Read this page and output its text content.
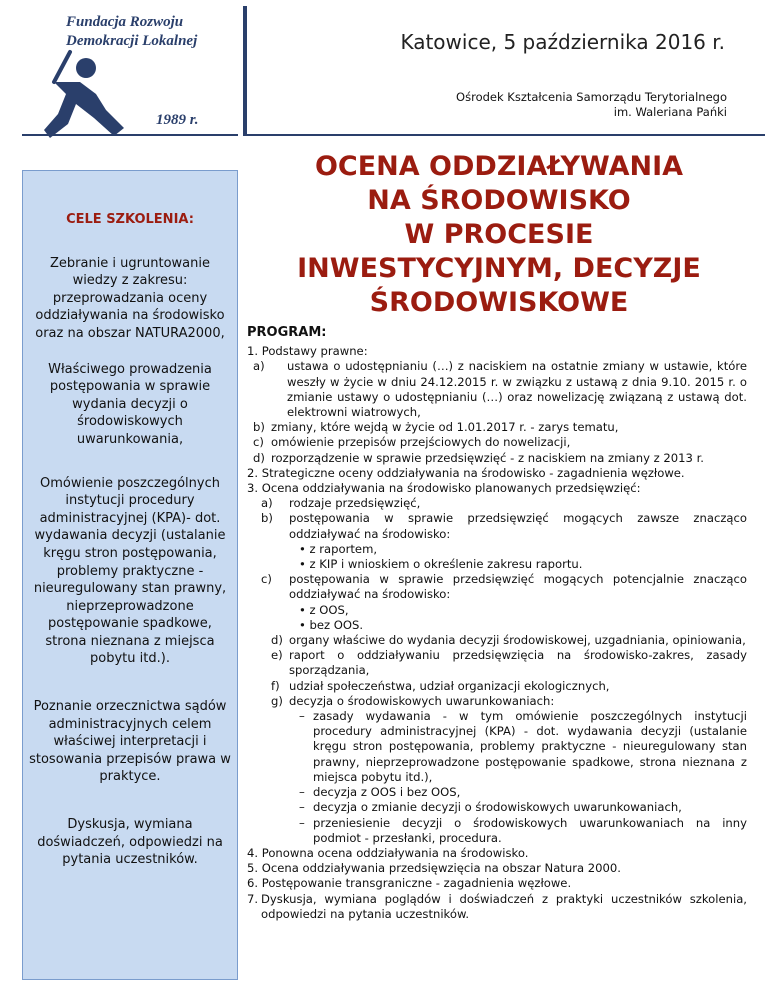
Fundacja Rozwoju
Demokracji Lokalnej
1989 r.
Katowice, 5 października 2016 r.
Ośrodek Kształcenia Samorządu Terytorialnego
im. Waleriana Pańki
OCENA ODDZIAŁYWANIA
NA ŚRODOWISKO
W PROCESIE
INWESTYCYJNYM, DECYZJE
ŚRODOWISKOWE
CELE SZKOLENIA:
Zebranie i ugruntowanie wiedzy z zakresu: przeprowadzania oceny oddziaływania na środowisko oraz na obszar NATURA2000,
Właściwego prowadzenia postępowania w sprawie wydania decyzji o środowiskowych uwarunkowania,
Omówienie poszczególnych instytucji procedury administracyjnej (KPA)- dot. wydawania decyzji (ustalanie kręgu stron postępowania, problemy praktyczne - nieuregulowany stan prawny, nieprzeprowadzone postępowanie spadkowe, strona nieznana z miejsca pobytu itd.).
Poznanie orzecznictwa sądów administracyjnych celem właściwej interpretacji i stosowania przepisów prawa w praktyce.
Dyskusja, wymiana doświadczeń, odpowiedzi na pytania uczestników.
PROGRAM:
1. Podstawy prawne:
a)	ustawa o udostępnianiu (…) z naciskiem na ostatnie zmiany w ustawie, które weszły w życie w dniu 24.12.2015 r. w związku z ustawą z dnia 9.10. 2015 r. o zmianie ustawy o udostępnianiu (…) oraz nowelizację związaną z ustawą dot. elektrowni wiatrowych,
b) zmiany, które wejdą w życie od 1.01.2017 r. - zarys tematu,
c) omówienie przepisów przejściowych do nowelizacji,
d) rozporządzenie w sprawie przedsięwzięć - z naciskiem na zmiany z 2013 r.
2. Strategiczne oceny oddziaływania na środowisko - zagadnienia węzłowe.
3. Ocena oddziaływania na środowisko planowanych przedsięwzięć:
a)	rodzaje przedsięwzięć,
b)	postępowania w sprawie przedsięwzięć mogących zawsze znacząco oddziaływać na środowisko:
• z raportem,
• z KIP i wnioskiem o określenie zakresu raportu.
c)	postępowania w sprawie przedsięwzięć mogących potencjalnie znacząco oddziaływać na środowisko:
• z OOS,
• bez OOS.
d) organy właściwe do wydania decyzji środowiskowej, uzgadniania, opiniowania,
e) raport o oddziaływaniu przedsięwzięcia na środowisko-zakres, zasady sporządzania,
f) udział społeczeństwa, udział organizacji ekologicznych,
g) decyzja o środowiskowych uwarunkowaniach:
– zasady wydawania - w tym omówienie poszczególnych instytucji procedury administracyjnej (KPA) - dot. wydawania decyzji (ustalanie kręgu stron postępowania, problemy praktyczne - nieuregulowany stan prawny, nieprzeprowadzone postępowanie spadkowe, strona nieznana z miejsca pobytu itd.),
– decyzja z OOS i bez OOS,
– decyzja o zmianie decyzji o środowiskowych uwarunkowaniach,
– przeniesienie decyzji o środowiskowych uwarunkowaniach na inny podmiot - przesłanki, procedura.
4. Ponowna ocena oddziaływania na środowisko.
5. Ocena oddziaływania przedsięwzięcia na obszar Natura 2000.
6. Postępowanie transgraniczne - zagadnienia węzłowe.
7. Dyskusja, wymiana poglądów i doświadczeń z praktyki uczestników szkolenia, odpowiedzi na pytania uczestników.
